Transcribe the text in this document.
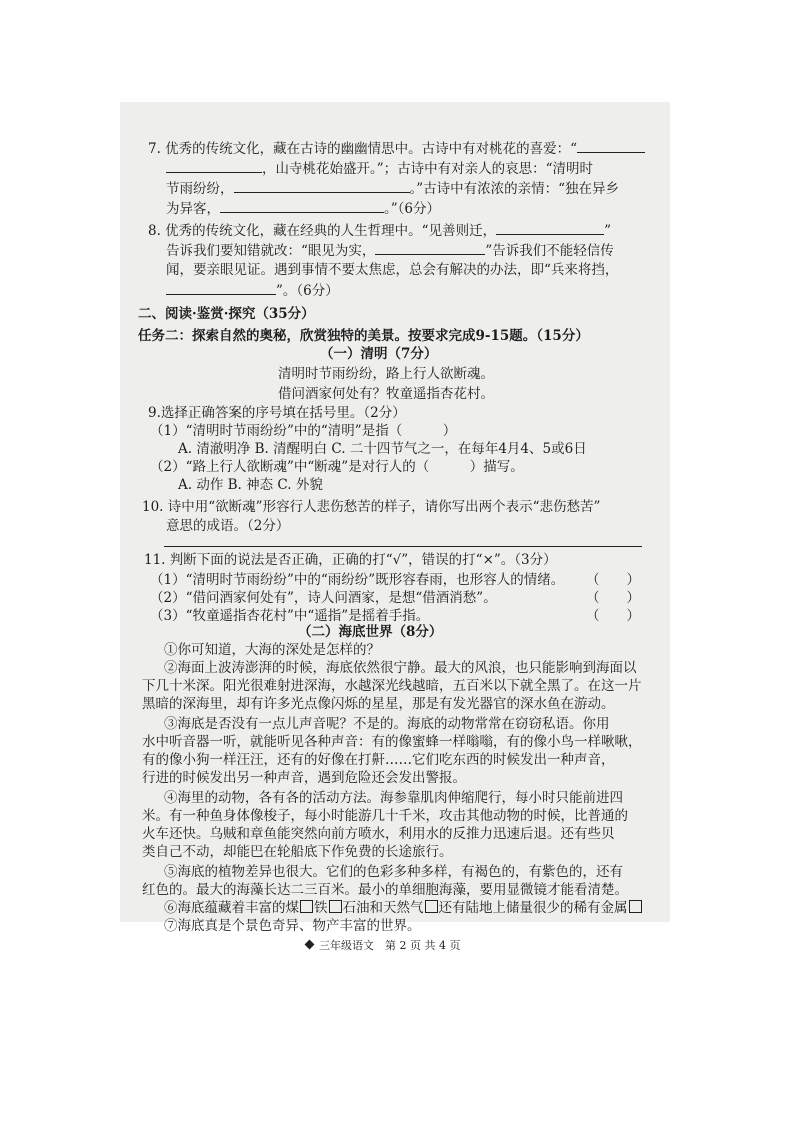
7. 优秀的传统文化，藏在古诗的幽幽情思中。古诗中有对桃花的喜爱：“
，山寺桃花始盛开。”；古诗中有对亲人的哀思：“清明时
节雨纷纷，	。”古诗中有浓浓的亲情：“独在异乡
为异客，	。”（6分）
8. 优秀的传统文化，藏在经典的人生哲理中。“见善则迁，	”
告诉我们要知错就改：“眼见为实，	”告诉我们不能轻信传
闻，要亲眼见证。遇到事情不要太焦虑，总会有解决的办法，即“兵来将挡，
”。（6分）
二、阅读·鉴赏·探究（35分）
任务二：探索自然的奥秘，欣赏独特的美景。按要求完成9-15题。（15分）
（一）清明（7分）
清明时节雨纷纷，路上行人欲断魂。
借问酒家何处有？牧童遥指杏花村。
9.选择正确答案的序号填在括号里。（2分）
（1）“清明时节雨纷纷”中的“清明”是指（　　　）
A. 清澈明净 B. 清醒明白 C. 二十四节气之一，在每年4月4、5或6日
（2）“路上行人欲断魂”中“断魂”是对行人的（　　　）描写。
A. 动作 B. 神态 C. 外貌
10. 诗中用“欲断魂”形容行人悲伤愁苦的样子，请你写出两个表示“悲伤愁苦”
意思的成语。（2分）
11. 判断下面的说法是否正确，正确的打“√”，错误的打“×”。（3分）
（1）“清明时节雨纷纷”中的“雨纷纷”既形容春雨，也形容人的情绪。 （　　）
（2）“借问酒家何处有”，诗人问酒家，是想“借酒消愁”。	（　　）
（3）“牧童遥指杏花村”中“遥指”是摇着手指。	（　　）
（二）海底世界（8分）
①你可知道，大海的深处是怎样的？
②海面上波涛澎湃的时候，海底依然很宁静。最大的风浪，也只能影响到海面以
下几十米深。阳光很难射进深海，水越深光线越暗，五百米以下就全黑了。在这一片
黑暗的深海里，却有许多光点像闪烁的星星，那是有发光器官的深水鱼在游动。
③海底是否没有一点儿声音呢？不是的。海底的动物常常在窃窃私语。你用
水中听音器一听，就能听见各种声音：有的像蜜蜂一样嗡嗡，有的像小鸟一样啾啾，
有的像小狗一样汪汪，还有的好像在打鼾……它们吃东西的时候发出一种声音，
行进的时候发出另一种声音，遇到危险还会发出警报。
④海里的动物，各有各的活动方法。海参靠肌肉伸缩爬行，每小时只能前进四
米。有一种鱼身体像梭子，每小时能游几十千米，攻击其他动物的时候，比普通的
火车还快。乌贼和章鱼能突然向前方喷水，利用水的反推力迅速后退。还有些贝
类自己不动，却能巴在轮船底下作免费的长途旅行。
⑤海底的植物差异也很大。它们的色彩多种多样，有褐色的，有紫色的，还有
红色的。最大的海藻长达二三百米。最小的单细胞海藻，要用显微镜才能看清楚。
⑥海底蕴藏着丰富的煤 铁 石油和天然气 还有陆地上储量很少的稀有金属
⑦海底真是个景色奇异、物产丰富的世界。
三年级语文　第 2 页 共 4 页
